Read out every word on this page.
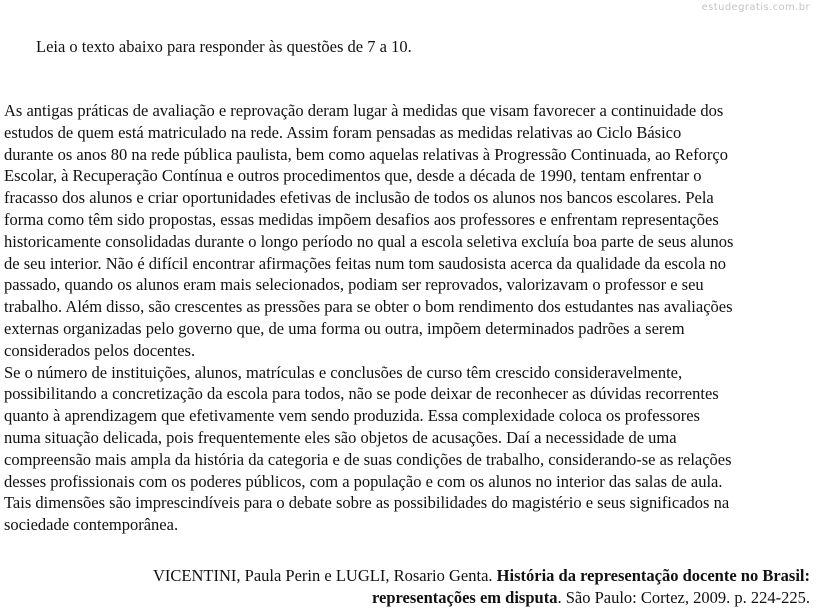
estudegratis.com.br
Leia o texto abaixo para responder às questões de 7 a 10.
As antigas práticas de avaliação e reprovação deram lugar à medidas que visam favorecer a continuidade dos
estudos de quem está matriculado na rede. Assim foram pensadas as medidas relativas ao Ciclo Básico
durante os anos 80 na rede pública paulista, bem como aquelas relativas à Progressão Continuada, ao Reforço
Escolar, à Recuperação Contínua e outros procedimentos que, desde a década de 1990, tentam enfrentar o
fracasso dos alunos e criar oportunidades efetivas de inclusão de todos os alunos nos bancos escolares. Pela
forma como têm sido propostas, essas medidas impõem desafios aos professores e enfrentam representações
historicamente consolidadas durante o longo período no qual a escola seletiva excluía boa parte de seus alunos
de seu interior. Não é difícil encontrar afirmações feitas num tom saudosista acerca da qualidade da escola no
passado, quando os alunos eram mais selecionados, podiam ser reprovados, valorizavam o professor e seu
trabalho. Além disso, são crescentes as pressões para se obter o bom rendimento dos estudantes nas avaliações
externas organizadas pelo governo que, de uma forma ou outra, impõem determinados padrões a serem
considerados pelos docentes.
Se o número de instituições, alunos, matrículas e conclusões de curso têm crescido consideravelmente,
possibilitando a concretização da escola para todos, não se pode deixar de reconhecer as dúvidas recorrentes
quanto à aprendizagem que efetivamente vem sendo produzida. Essa complexidade coloca os professores
numa situação delicada, pois frequentemente eles são objetos de acusações. Daí a necessidade de uma
compreensão mais ampla da história da categoria e de suas condições de trabalho, considerando-se as relações
desses profissionais com os poderes públicos, com a população e com os alunos no interior das salas de aula.
Tais dimensões são imprescindíveis para o debate sobre as possibilidades do magistério e seus significados na
sociedade contemporânea.
VICENTINI, Paula Perin e LUGLI, Rosario Genta. História da representação docente no Brasil:
representações em disputa. São Paulo: Cortez, 2009. p. 224-225.
